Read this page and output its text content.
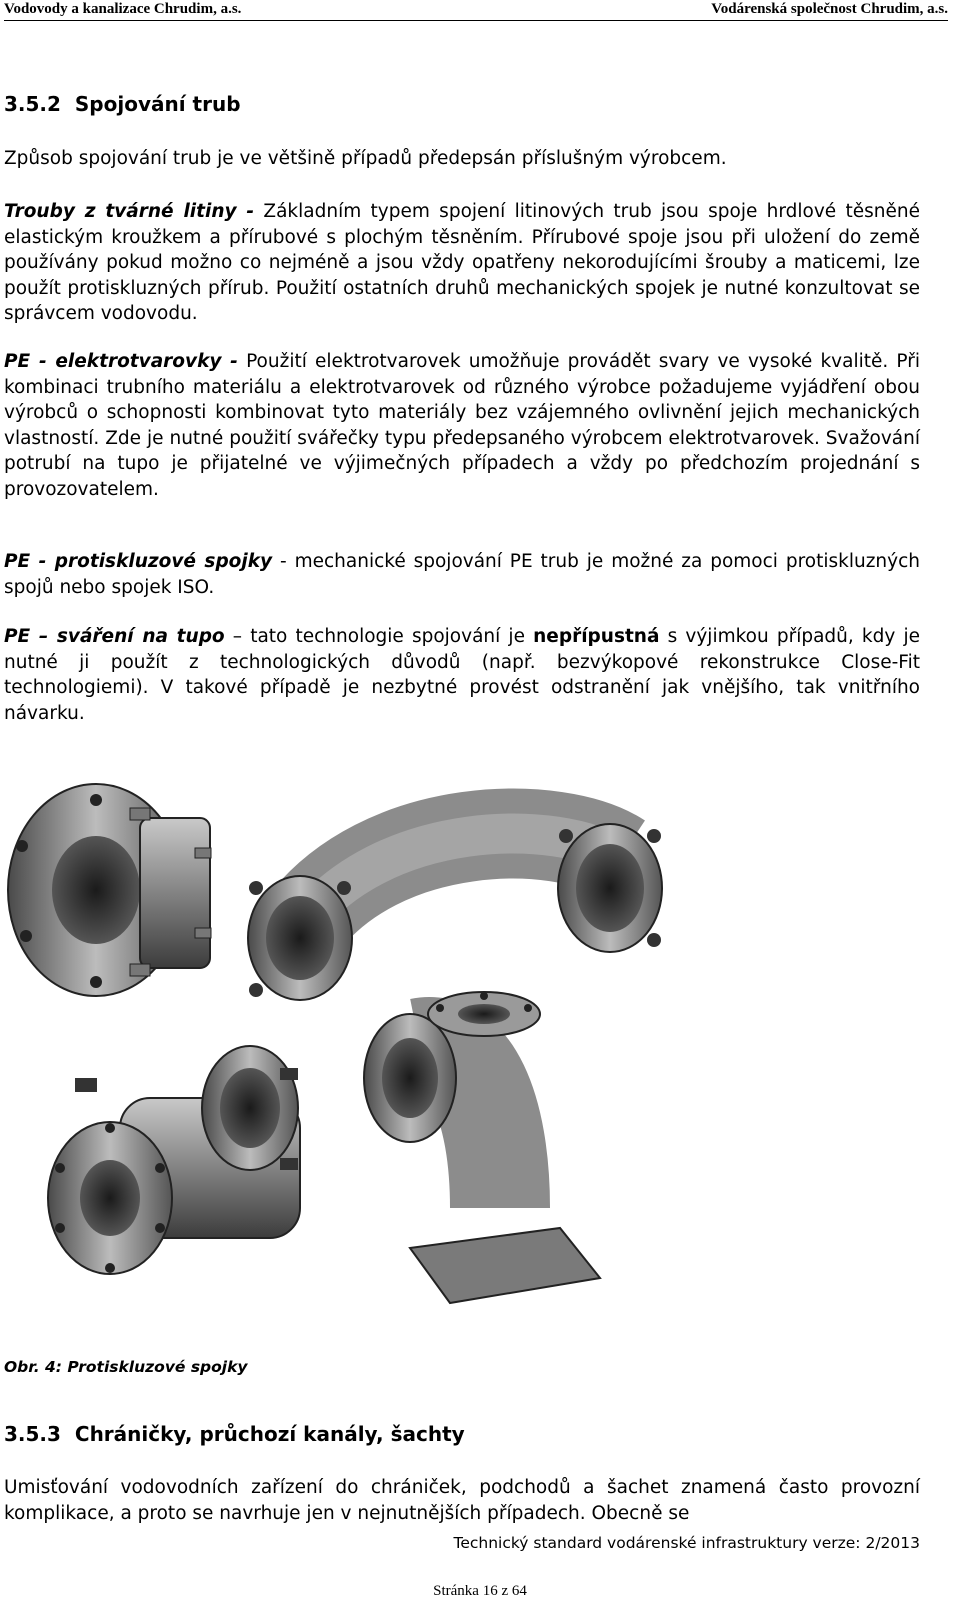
Vodovody a kanalizace Chrudim, a.s.	Vodárenská společnost Chrudim, a.s.
3.5.2 Spojování trub

Způsob spojování trub je ve většině případů předepsán příslušným výrobcem.

Trouby z tvárné litiny - Základním typem spojení litinových trub jsou spoje hrdlové těsněné elastickým kroužkem a přírubové s plochým těsněním. Přírubové spoje jsou při uložení do země používány pokud možno co nejméně a jsou vždy opatřeny nekorodujícími šrouby a maticemi, lze použít protiskluzných přírub. Použití ostatních druhů mechanických spojek je nutné konzultovat se správcem vodovodu.

PE - elektrotvarovky - Použití elektrotvarovek umožňuje provádět svary ve vysoké kvalitě. Při kombinaci trubního materiálu a elektrotvarovek od různého výrobce požadujeme vyjádření obou výrobců o schopnosti kombinovat tyto materiály bez vzájemného ovlivnění jejich mechanických vlastností. Zde je nutné použití svářečky typu předepsaného výrobcem elektrotvarovek. Svažování potrubí na tupo je přijatelné ve výjimečných případech a vždy po předchozím projednání s provozovatelem.

PE - protiskluzové spojky - mechanické spojování PE trub je možné za pomoci protiskluzných spojů nebo spojek ISO.

PE – sváření na tupo – tato technologie spojování je nepřípustná s výjimkou případů, kdy je nutné ji použít z technologických důvodů (např. bezvýkopové rekonstrukce Close-Fit technologiemi). V takové případě je nezbytné provést odstranění jak vnějšího, tak vnitřního návarku.

Obr. 4: Protiskluzové spojky
3.5.3 Chráničky, průchozí kanály, šachty

Umisťování vodovodních zařízení do chrániček, podchodů a šachet znamená často provozní komplikace, a proto se navrhuje jen v nejnutnějších případech. Obecně se

Technický standard vodárenské infrastruktury verze: 2/2013
Stránka 16 z 64
